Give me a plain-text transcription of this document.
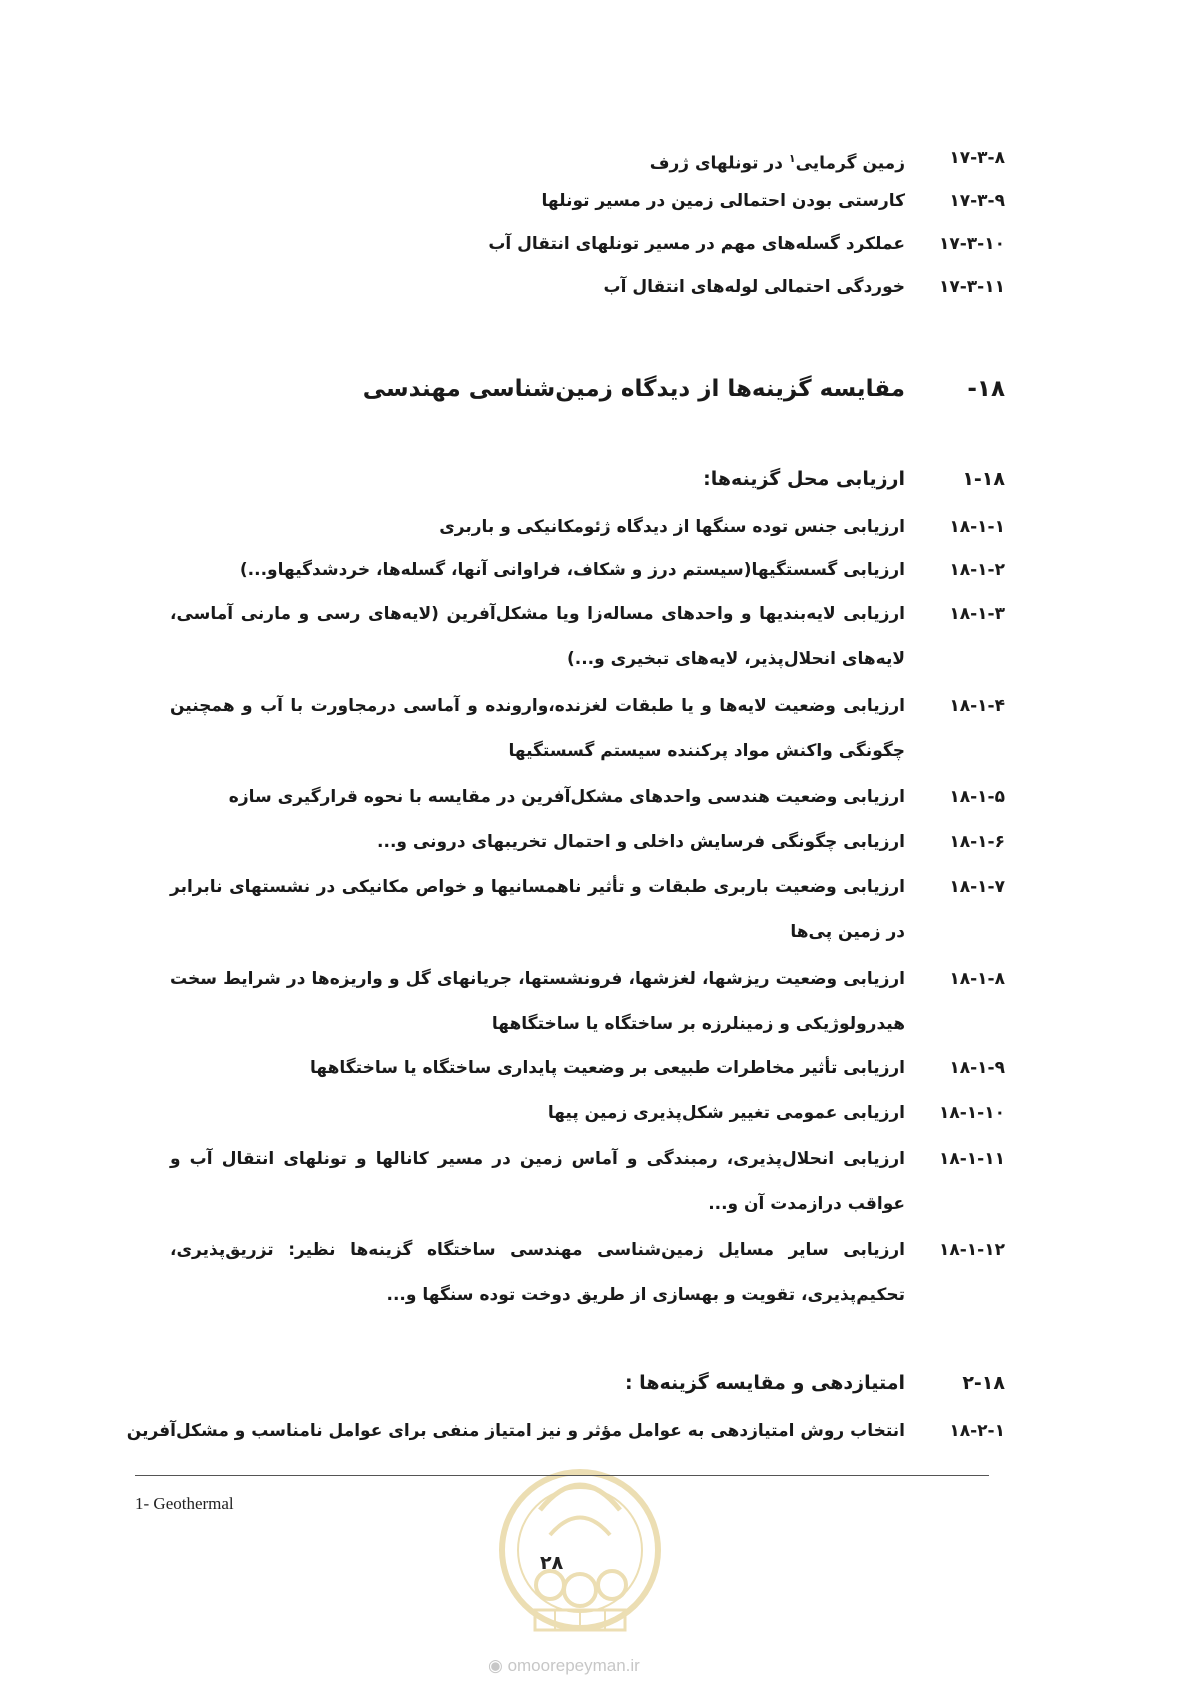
۱۷-۳-۸
زمین گرمایی$^۱$ در تونلهای ژرف
۱۷-۳-۹
کارستی بودن احتمالی زمین در مسیر تونلها
۱۷-۳-۱۰
عملکرد گسله‌های مهم در مسیر تونلهای انتقال آب
۱۷-۳-۱۱
خوردگی احتمالی لوله‌های انتقال آب
۱۸-
مقایسه گزینه‌ها از دیدگاه زمین‌شناسی مهندسی
۱-۱۸
ارزیابی محل گزینه‌ها:
۱۸-۱-۱
ارزیابی جنس توده سنگها از دیدگاه ژئومکانیکی و باربری
۱۸-۱-۲
ارزیابی گسستگیها(سیستم درز و شکاف، فراوانی آنها، گسله‌ها، خردشدگیهاو...)
۱۸-۱-۳
ارزیابی لایه‌بندیها و واحدهای مساله‌زا ویا مشکل‌آفرین (لایه‌های رسی و مارنی آماسی، لایه‌های انحلال‌پذیر، لایه‌های تبخیری و...)
۱۸-۱-۴
ارزیابی وضعیت لایه‌ها و یا طبقات لغزنده،وارونده و آماسی درمجاورت با آب و همچنین چگونگی واکنش مواد پرکننده سیستم گسستگیها
۱۸-۱-۵
ارزیابی وضعیت هندسی واحدهای مشکل‌آفرین در مقایسه با نحوه قرارگیری سازه
۱۸-۱-۶
ارزیابی چگونگی فرسایش داخلی و احتمال تخریبهای درونی و...
۱۸-۱-۷
ارزیابی وضعیت باربری طبقات و تأثیر ناهمسانیها و خواص مکانیکی در نشستهای نابرابر در زمین پی‌ها
۱۸-۱-۸
ارزیابی وضعیت ریزشها، لغزشها، فرونشستها، جریانهای گل و واریزه‌ها در شرایط سخت هیدرولوژیکی و زمینلرزه بر ساختگاه یا ساختگاهها
۱۸-۱-۹
ارزیابی تأثیر مخاطرات طبیعی بر وضعیت پایداری ساختگاه یا ساختگاهها
۱۸-۱-۱۰
ارزیابی عمومی تغییر شکل‌پذیری زمین پیها
۱۸-۱-۱۱
ارزیابی انحلال‌پذیری، رمبندگی و آماس زمین در مسیر کانالها و تونلهای انتقال آب و عواقب درازمدت آن و...
۱۸-۱-۱۲
ارزیابی سایر مسایل زمین‌شناسی مهندسی ساختگاه گزینه‌ها نظیر: تزریق‌پذیری، تحکیم‌پذیری، تقویت و بهسازی از طریق دوخت توده سنگها و...
۲-۱۸
امتیازدهی و مقایسه گزینه‌ها :
۱۸-۲-۱
انتخاب روش امتیازدهی به عوامل مؤثر و نیز امتیاز منفی برای عوامل نامناسب و مشکل‌آفرین
1- Geothermal
۲۸
◉ omoorepeyman.ir
